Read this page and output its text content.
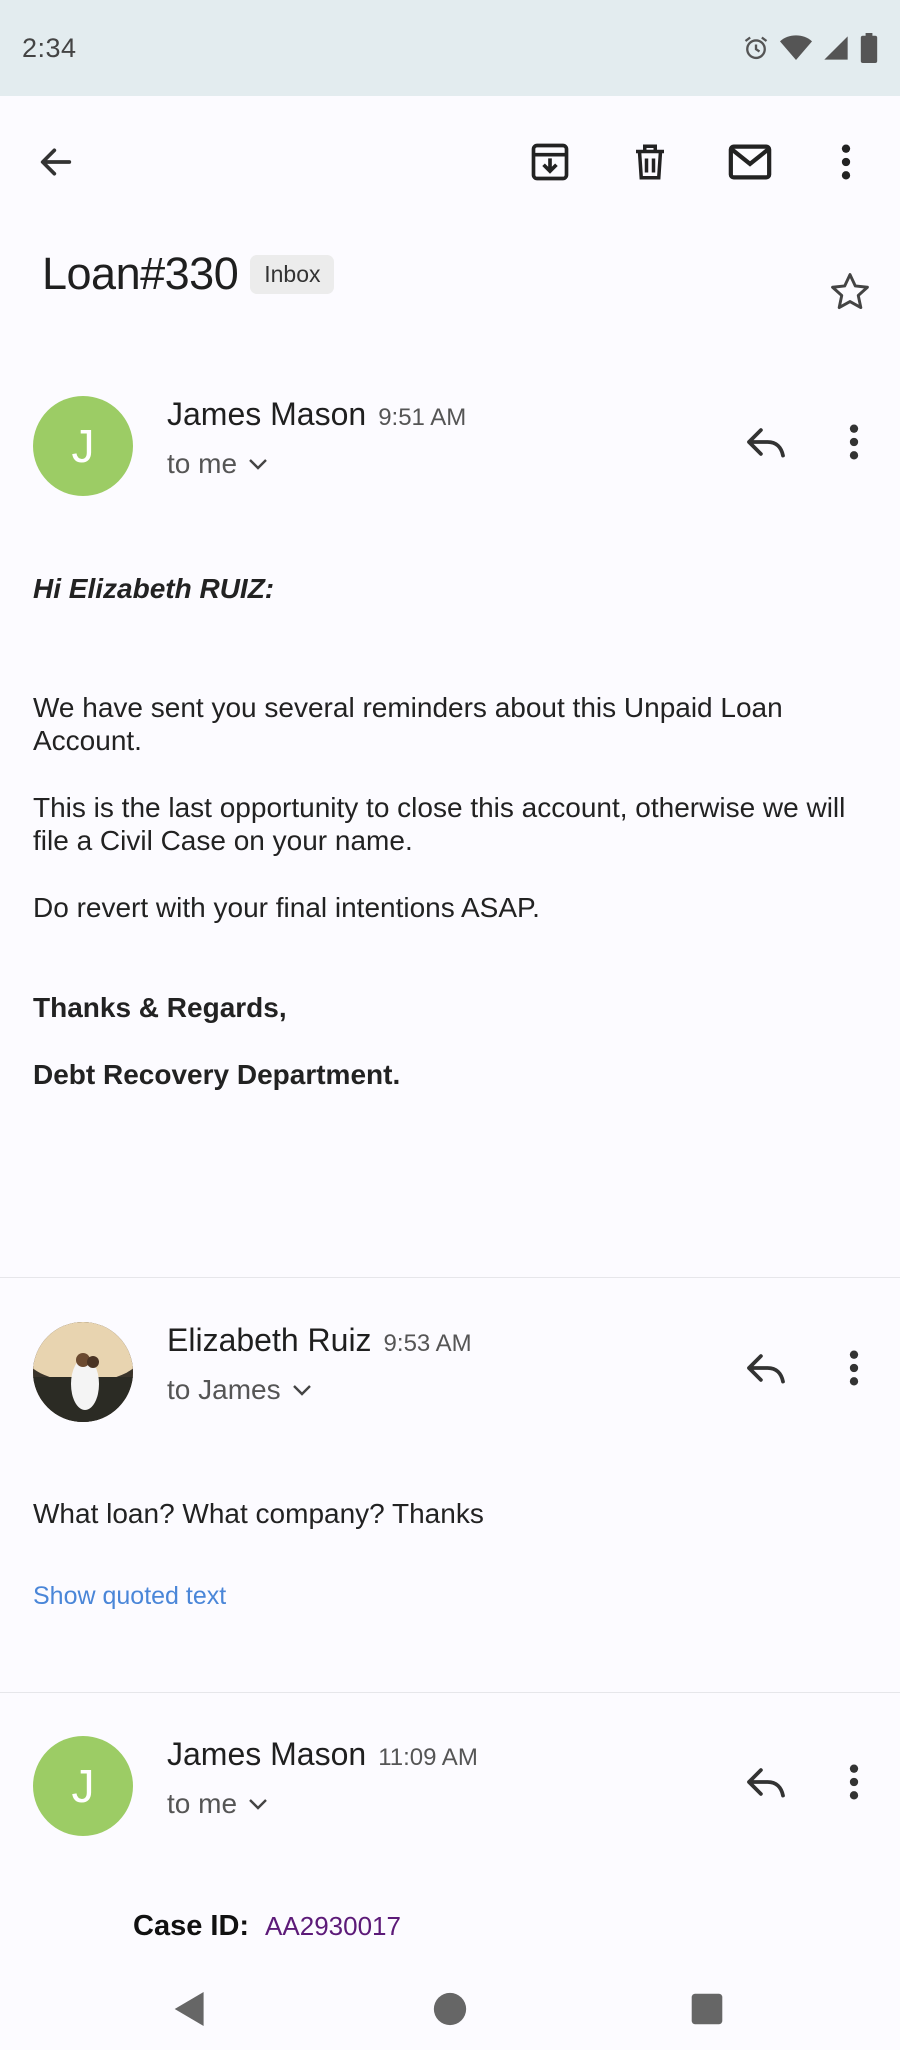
2:34
Loan#330	Inbox
J
James Mason 9:51 AM
to me
Hi Elizabeth RUIZ:
We have sent you several reminders about this Unpaid Loan Account.
This is the last opportunity to close this account, otherwise we will file a Civil Case on your name.
Do revert with your final intentions ASAP.
Thanks & Regards,
Debt Recovery Department.
Elizabeth Ruiz 9:53 AM
to James
What loan? What company? Thanks
Show quoted text
J
James Mason 11:09 AM
to me
Case ID: AA2930017
